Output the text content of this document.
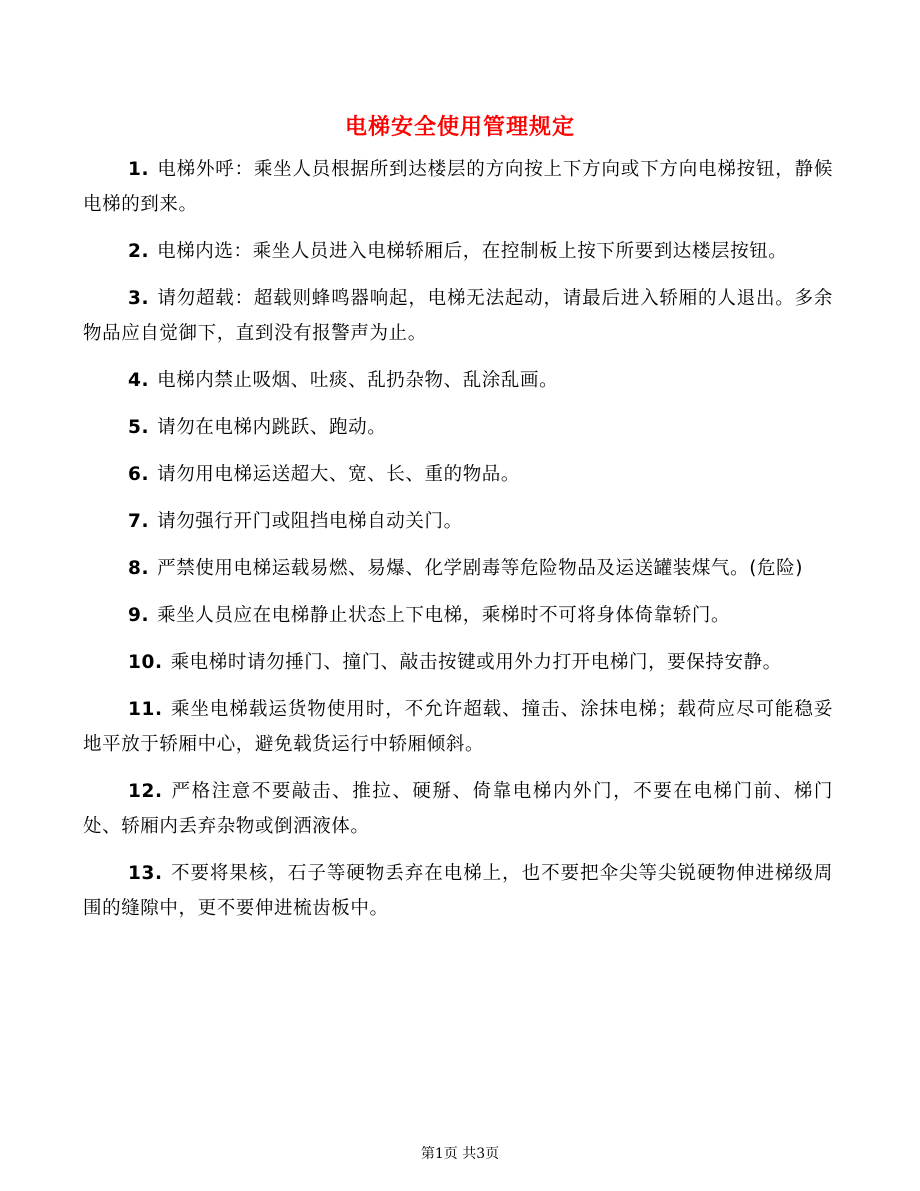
电梯安全使用管理规定

1. 电梯外呼：乘坐人员根据所到达楼层的方向按上下方向或下方向电梯按钮，静候电梯的到来。

2. 电梯内选：乘坐人员进入电梯轿厢后，在控制板上按下所要到达楼层按钮。

3. 请勿超载：超载则蜂鸣器响起，电梯无法起动，请最后进入轿厢的人退出。多余物品应自觉御下，直到没有报警声为止。

4. 电梯内禁止吸烟、吐痰、乱扔杂物、乱涂乱画。

5. 请勿在电梯内跳跃、跑动。

6. 请勿用电梯运送超大、宽、长、重的物品。

7. 请勿强行开门或阻挡电梯自动关门。

8. 严禁使用电梯运载易燃、易爆、化学剧毒等危险物品及运送罐装煤气。(危险)

9. 乘坐人员应在电梯静止状态上下电梯，乘梯时不可将身体倚靠轿门。

10. 乘电梯时请勿捶门、撞门、敲击按键或用外力打开电梯门，要保持安静。

11. 乘坐电梯载运货物使用时，不允许超载、撞击、涂抹电梯；载荷应尽可能稳妥地平放于轿厢中心，避免载货运行中轿厢倾斜。

12. 严格注意不要敲击、推拉、硬掰、倚靠电梯内外门，不要在电梯门前、梯门处、轿厢内丢弃杂物或倒洒液体。

13. 不要将果核，石子等硬物丢弃在电梯上，也不要把伞尖等尖锐硬物伸进梯级周围的缝隙中，更不要伸进梳齿板中。

第1页 共3页
